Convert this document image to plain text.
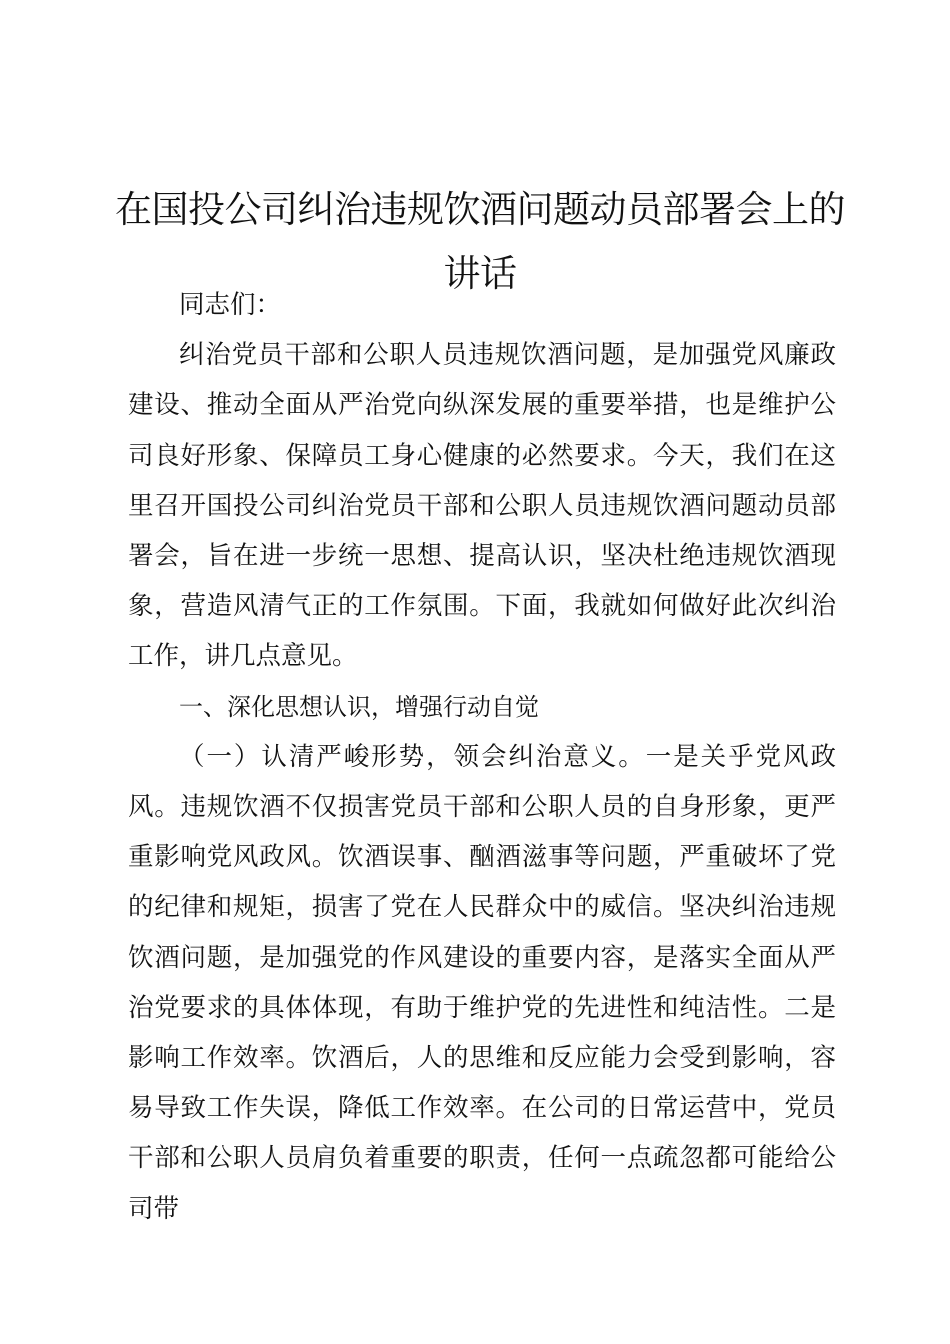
在国投公司纠治违规饮酒问题动员部署会上的讲话

同志们：

纠治党员干部和公职人员违规饮酒问题，是加强党风廉政建设、推动全面从严治党向纵深发展的重要举措，也是维护公司良好形象、保障员工身心健康的必然要求。今天，我们在这里召开国投公司纠治党员干部和公职人员违规饮酒问题动员部署会，旨在进一步统一思想、提高认识，坚决杜绝违规饮酒现象，营造风清气正的工作氛围。下面，我就如何做好此次纠治工作，讲几点意见。

一、深化思想认识，增强行动自觉

（一）认清严峻形势，领会纠治意义。一是关乎党风政风。违规饮酒不仅损害党员干部和公职人员的自身形象，更严重影响党风政风。饮酒误事、酗酒滋事等问题，严重破坏了党的纪律和规矩，损害了党在人民群众中的威信。坚决纠治违规饮酒问题，是加强党的作风建设的重要内容，是落实全面从严治党要求的具体体现，有助于维护党的先进性和纯洁性。二是影响工作效率。饮酒后，人的思维和反应能力会受到影响，容易导致工作失误，降低工作效率。在公司的日常运营中，党员干部和公职人员肩负着重要的职责，任何一点疏忽都可能给公司带
